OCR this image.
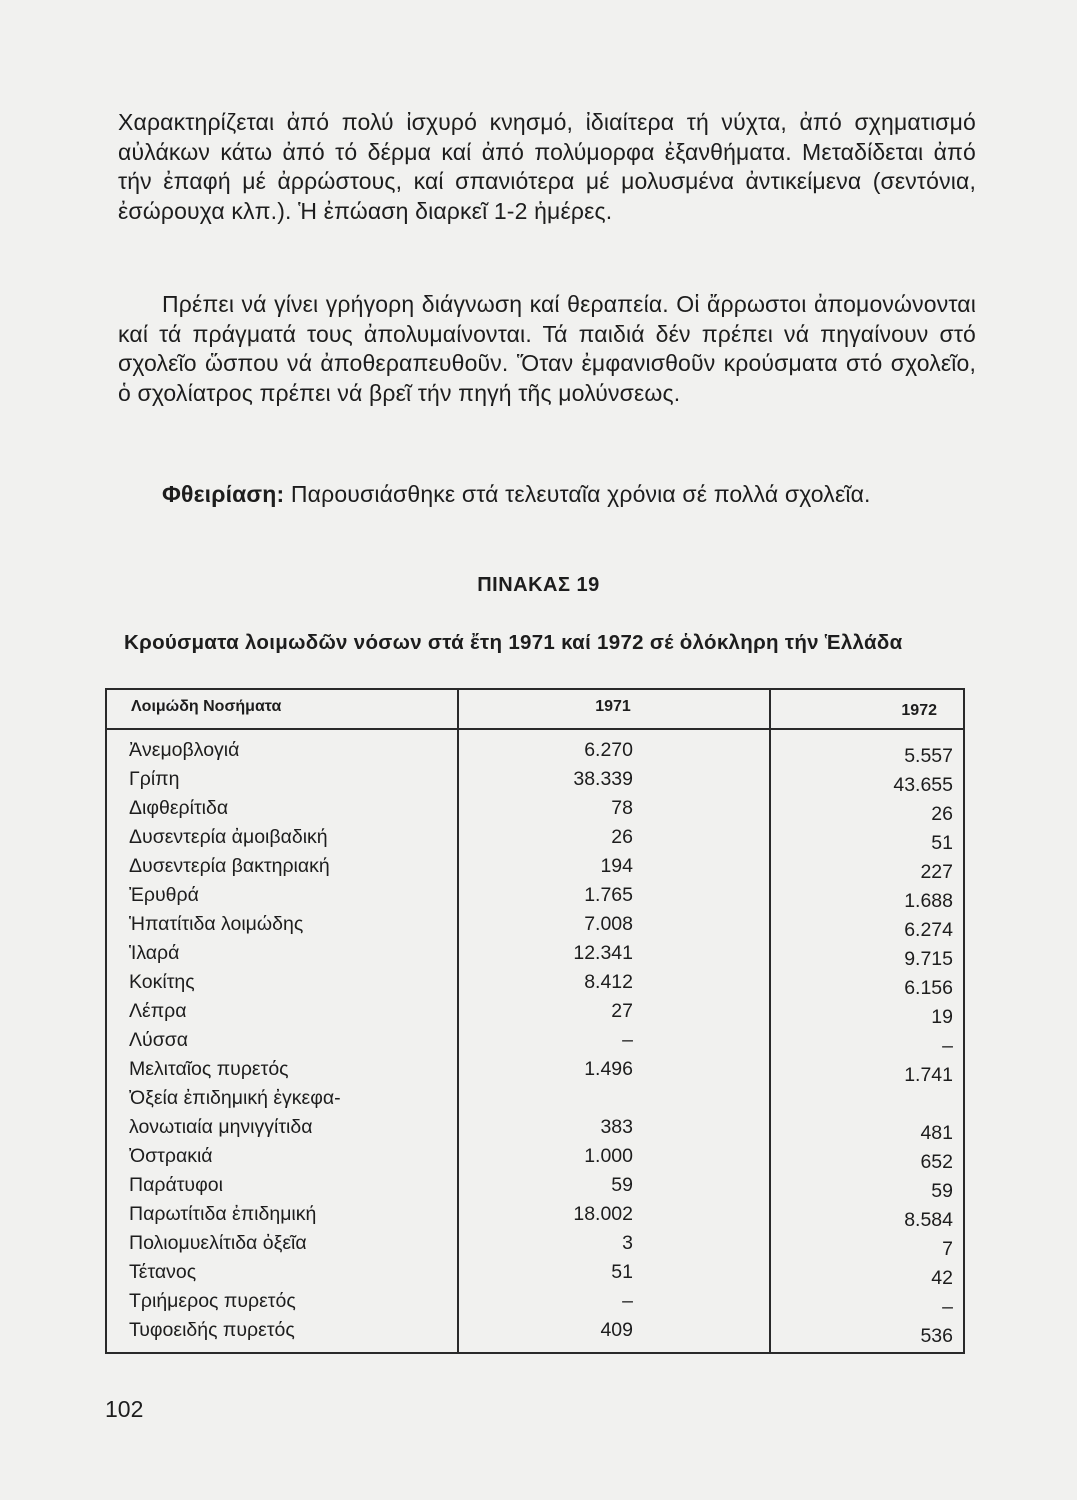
Χαρακτηρίζεται ἀπό πολύ ἰσχυρό κνησμό, ἰδιαίτερα τή νύχτα, ἀπό σχηματισμό αὐλάκων κάτω ἀπό τό δέρμα καί ἀπό πολύμορφα ἐξανθήματα. Μεταδίδεται ἀπό τήν ἐπαφή μέ ἀρρώστους, καί σπανιότερα μέ μολυσμένα ἀντικείμενα (σεντόνια, ἐσώρουχα κλπ.). Ἡ ἐπώαση διαρκεῖ 1-2 ἡμέρες.
Πρέπει νά γίνει γρήγορη διάγνωση καί θεραπεία. Οἱ ἄρρωστοι ἀπομονώνονται καί τά πράγματά τους ἀπολυμαίνονται. Τά παιδιά δέν πρέπει νά πηγαίνουν στό σχολεῖο ὥσπου νά ἀποθεραπευθοῦν. Ὅταν ἐμφανισθοῦν κρούσματα στό σχολεῖο, ὁ σχολίατρος πρέπει νά βρεῖ τήν πηγή τῆς μολύνσεως.
Φθειρίαση: Παρουσιάσθηκε στά τελευταῖα χρόνια σέ πολλά σχολεῖα.
ΠΙΝΑΚΑΣ 19
Κρούσματα λοιμωδῶν νόσων στά ἔτη 1971 καί 1972 σέ ὁλόκληρη τήν Ἑλλάδα
Λοιμώδη Νοσήματα	1971	1972
Ἀνεμοβλογιά	6.270	5.557
Γρίπη	38.339	43.655
Διφθερίτιδα	78	26
Δυσεντερία ἀμοιβαδική	26	51
Δυσεντερία βακτηριακή	194	227
Ἐρυθρά	1.765	1.688
Ἡπατίτιδα λοιμώδης	7.008	6.274
Ἱλαρά	12.341	9.715
Κοκίτης	8.412	6.156
Λέπρα	27	19
Λύσσα	–	–
Μελιταῖος πυρετός	1.496	1.741
Ὀξεία ἐπιδημική ἐγκεφα-
λονωτιαία μηνιγγίτιδα	383	481
Ὀστρακιά	1.000	652
Παράτυφοι	59	59
Παρωτίτιδα ἐπιδημική	18.002	8.584
Πολιομυελίτιδα ὀξεῖα	3	7
Τέτανος	51	42
Τριήμερος πυρετός	–	–
Τυφοειδής πυρετός	409	536
102
